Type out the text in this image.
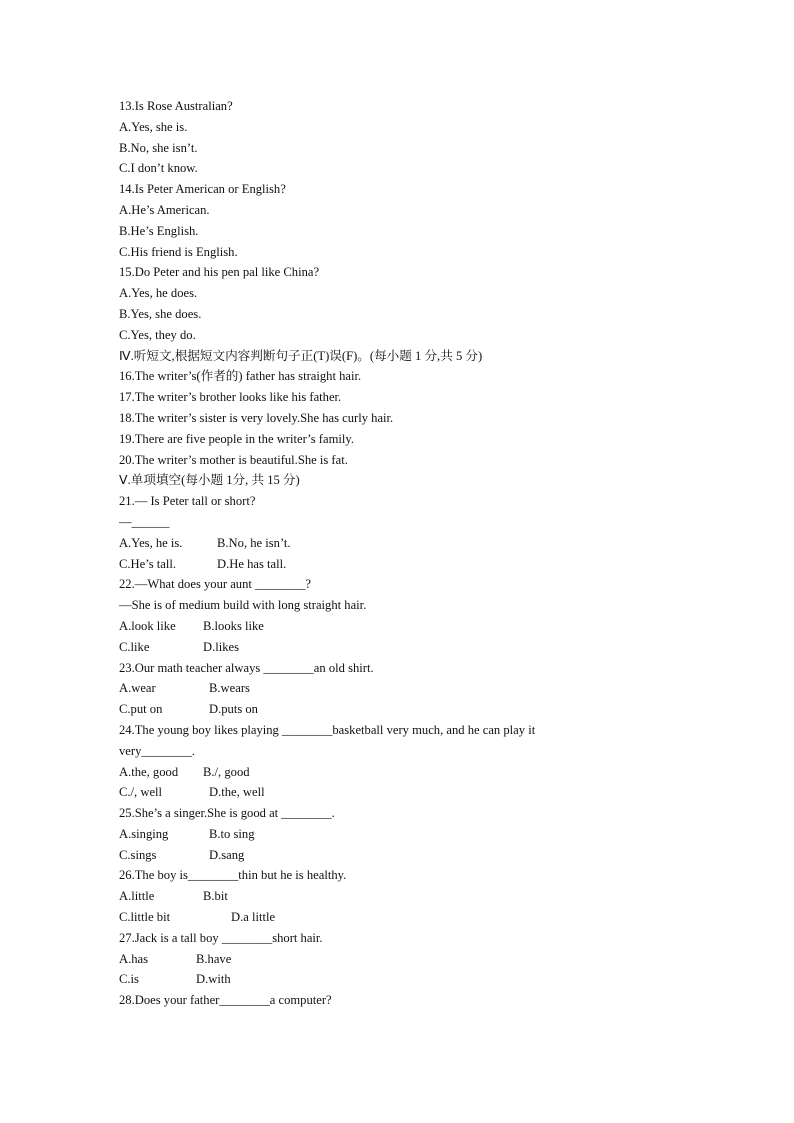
13.Is Rose Australian?
A.Yes, she is.
B.No, she isn’t.
C.I don’t know.
14.Is Peter American or English?
A.He’s American.
B.He’s English.
C.His friend is English.
15.Do Peter and his pen pal like China?
A.Yes, he does.
B.Yes, she does.
C.Yes, they do.
Ⅳ.听短文,根据短文内容判断句子正(T)误(F)。(每小题 1 分,共 5 分)
16.The writer’s(作者的) father has straight hair.
17.The writer’s brother looks like his father.
18.The writer’s sister is very lovely.She has curly hair.
19.There are five people in the writer’s family.
20.The writer’s mother is beautiful.She is fat.
Ⅴ.单项填空(每小题 1分, 共 15 分)
21.— Is Peter tall or short?
—______
A.Yes, he is.	B.No, he isn’t.
C.He’s tall.	D.He has tall.
22.—What does your aunt ________?
—She is of medium build with long straight hair.
A.look like	B.looks like
C.like	D.likes
23.Our math teacher always ________an old shirt.
A.wear	B.wears
C.put on	D.puts on
24.The young boy likes playing ________basketball very much, and he can play it
very________.
A.the, good	B./, good
C./, well	D.the, well
25.She’s a singer.She is good at ________.
A.singing	B.to sing
C.sings	D.sang
26.The boy is________thin but he is healthy.
A.little	B.bit
C.little bit	D.a little
27.Jack is a tall boy ________short hair.
A.has	B.have
C.is	D.with
28.Does your father________a computer?
